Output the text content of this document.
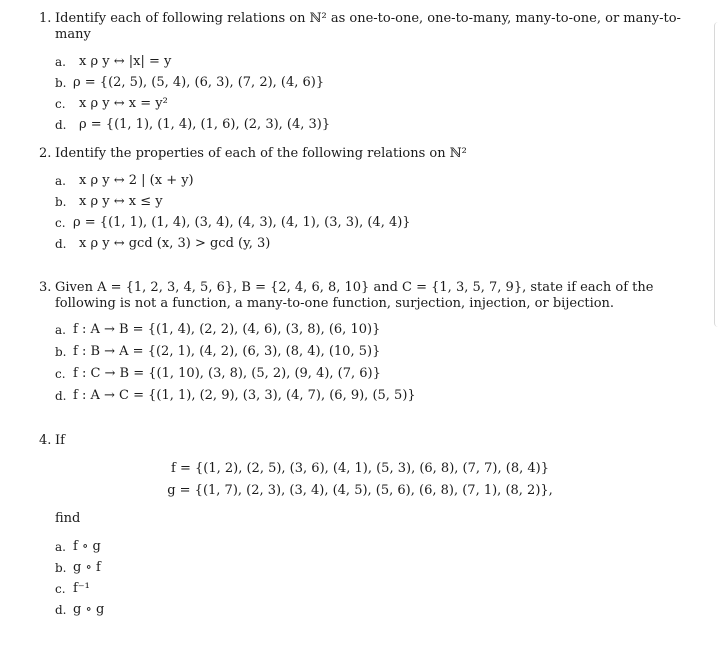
1. Identify each of following relations on ℕ² as one-to-one, one-to-many, many-to-one, or many-to-many
a. x ρ y ↔ |x| = y
b. ρ = {(2, 5), (5, 4), (6, 3), (7, 2), (4, 6)}
c. x ρ y ↔ x = y²
d. ρ = {(1, 1), (1, 4), (1, 6), (2, 3), (4, 3)}
2. Identify the properties of each of the following relations on ℕ²
a. x ρ y ↔ 2 | (x + y)
b. x ρ y ↔ x ≤ y
c. ρ = {(1, 1), (1, 4), (3, 4), (4, 3), (4, 1), (3, 3), (4, 4)}
d. x ρ y ↔ gcd (x, 3) > gcd (y, 3)
3. Given A = {1, 2, 3, 4, 5, 6}, B = {2, 4, 6, 8, 10} and C = {1, 3, 5, 7, 9}, state if each of the following is not a function, a many-to-one function, surjection, injection, or bijection.
a. f : A → B = {(1, 4), (2, 2), (4, 6), (3, 8), (6, 10)}
b. f : B → A = {(2, 1), (4, 2), (6, 3), (8, 4), (10, 5)}
c. f : C → B = {(1, 10), (3, 8), (5, 2), (9, 4), (7, 6)}
d. f : A → C = {(1, 1), (2, 9), (3, 3), (4, 7), (6, 9), (5, 5)}
4. If
f = {(1, 2), (2, 5), (3, 6), (4, 1), (5, 3), (6, 8), (7, 7), (8, 4)}
g = {(1, 7), (2, 3), (3, 4), (4, 5), (5, 6), (6, 8), (7, 1), (8, 2)},
find
a. f ∘ g
b. g ∘ f
c. f⁻¹
d. g ∘ g
